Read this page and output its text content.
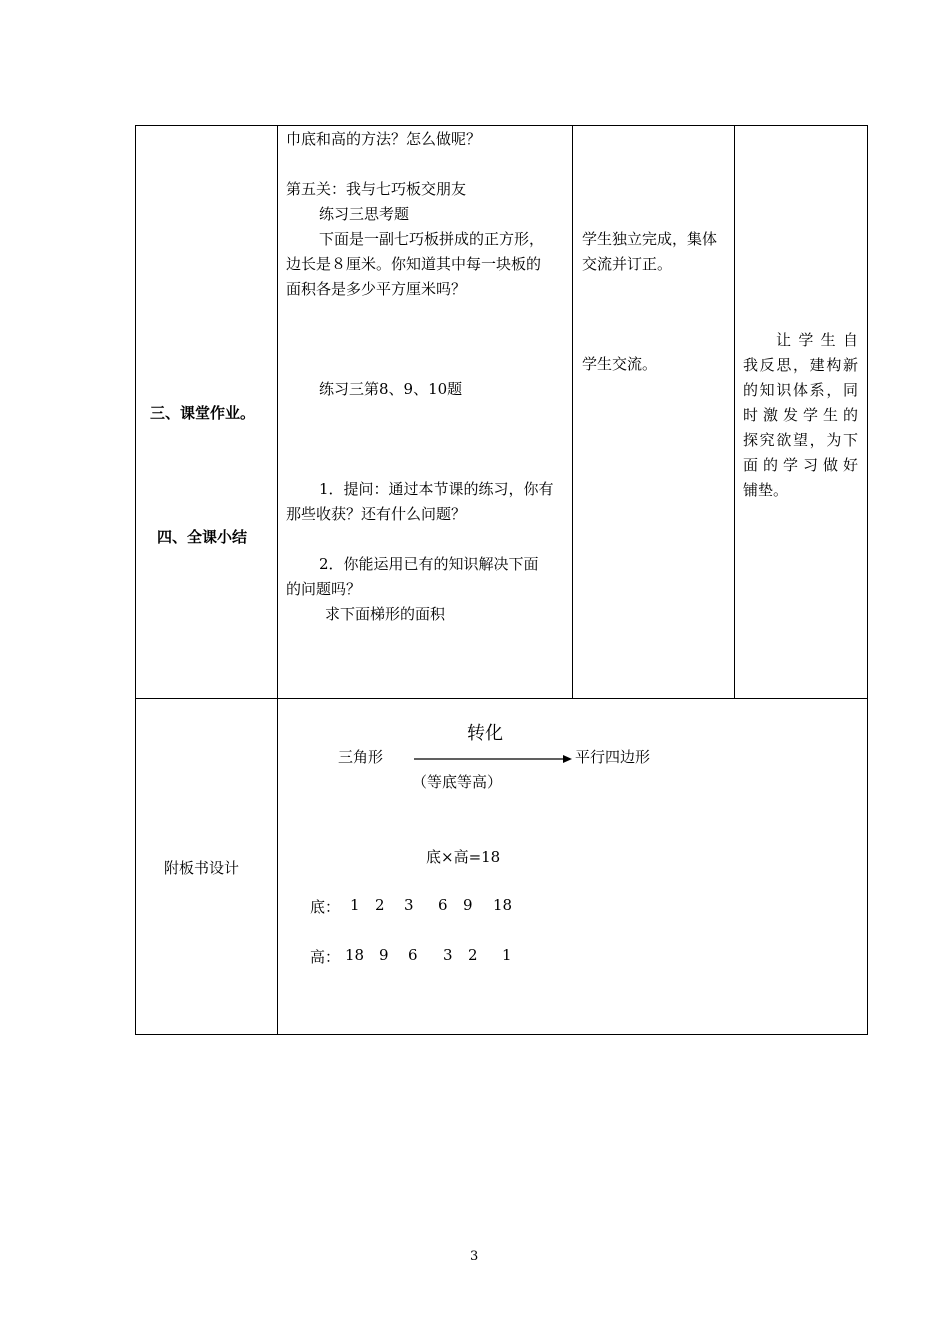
三、课堂作业。
四、全课小结
巾底和高的方法？怎么做呢？
第五关：我与七巧板交朋友
练习三思考题
下面是一副七巧板拼成的正方形，
边长是８厘米。你知道其中每一块板的
面积各是多少平方厘米吗？
练习三第8、9、10题
1．提问：通过本节课的练习，你有
那些收获？还有什么问题？
2．你能运用已有的知识解决下面
的问题吗？
求下面梯形的面积
学生独立完成，集体
交流并订正。
学生交流。
让学生自
我反思，建构新
的知识体系，同
时激发学生的
探究欲望，为下
面的学习做好
铺垫。
附板书设计
转化
三角形	平行四边形
（等底等高）
底×高=18
底： 1 2 3 6 9 18
高： 18 9 6 3 2 1
3
